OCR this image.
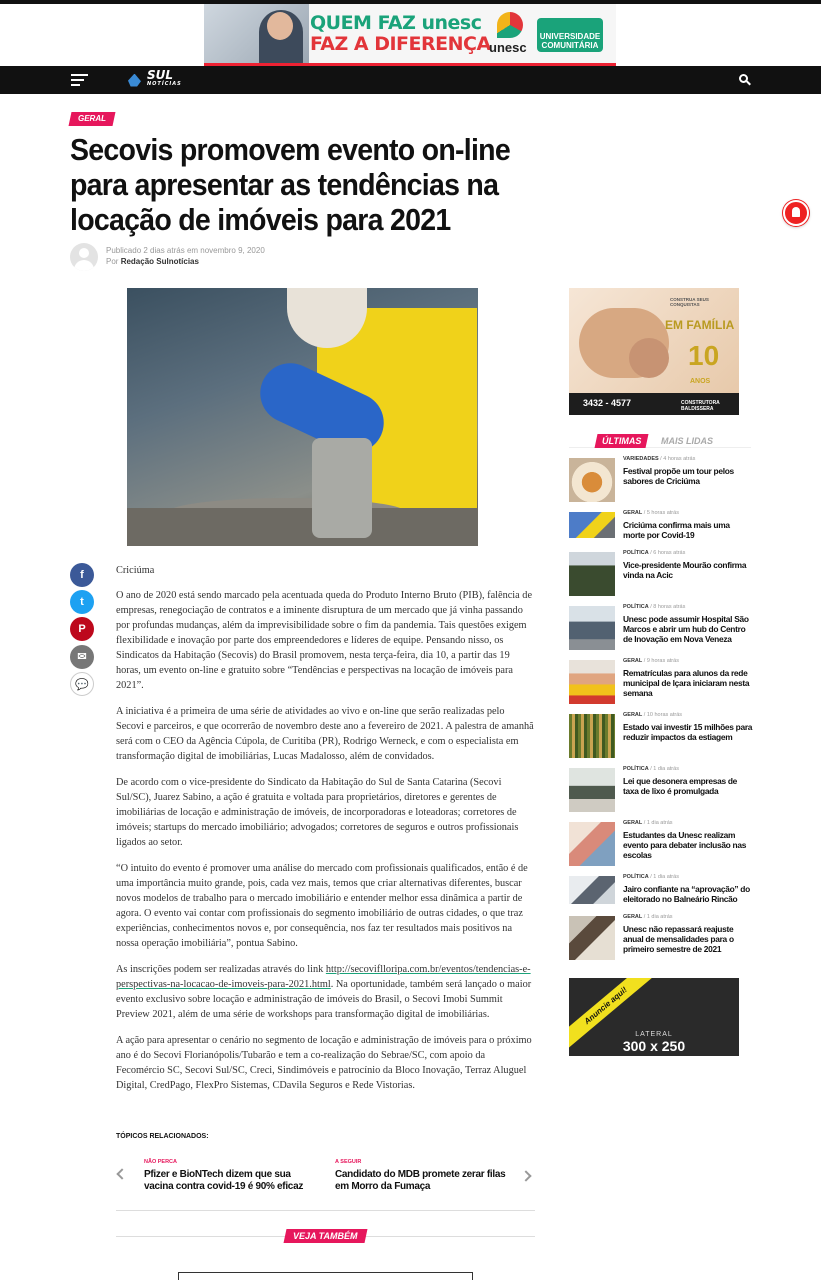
QUEM FAZ unesc
FAZ A DIFERENÇA
unesc
UNIVERSIDADE COMUNITÁRIA
SUL
NOTÍCIAS
GERAL
Secovis promovem evento on-line para apresentar as tendências na locação de imóveis para 2021
Publicado 2 dias atrás em novembro 9, 2020
Por Redação Sulnotícias
f
t
P
✉
💬

Criciúma

O ano de 2020 está sendo marcado pela acentuada queda do Produto Interno Bruto (PIB), falência de empresas, renegociação de contratos e a iminente disruptura de um mercado que já vinha passando por profundas mudanças, além da imprevisibilidade sobre o fim da pandemia. Tais questões exigem flexibilidade e inovação por parte dos empreendedores e líderes de equipe. Pensando nisso, os Sindicatos da Habitação (Secovis) do Brasil promovem, nesta terça-feira, dia 10, a partir das 19 horas, um evento on-line e gratuito sobre “Tendências e perspectivas na locação de imóveis para 2021”.

A iniciativa é a primeira de uma série de atividades ao vivo e on-line que serão realizadas pelo Secovi e parceiros, e que ocorrerão de novembro deste ano a fevereiro de 2021. A palestra de amanhã será com o CEO da Agência Cúpola, de Curitiba (PR), Rodrigo Werneck, e com o especialista em transformação digital de imobiliárias, Lucas Madalosso, além de convidados.

De acordo com o vice-presidente do Sindicato da Habitação do Sul de Santa Catarina (Secovi Sul/SC), Juarez Sabino, a ação é gratuita e voltada para proprietários, diretores e gerentes de imobiliárias de locação e administração de imóveis, de incorporadoras e loteadoras; corretores de imóveis; startups do mercado imobiliário; advogados; corretores de seguros e outros profissionais ligados ao setor.

“O intuito do evento é promover uma análise do mercado com profissionais qualificados, então é de uma importância muito grande, pois, cada vez mais, temos que criar alternativas diferentes, buscar novos modelos de trabalho para o mercado imobiliário e entender melhor essa dinâmica a partir de agora. O evento vai contar com profissionais do segmento imobiliário de outras cidades, o que traz experiências, conhecimentos novos e, por consequência, nos faz ter resultados mais positivos na nossa operação imobiliária”, pontua Sabino.

As inscrições podem ser realizadas através do link http://secoviflloripa.com.br/eventos/tendencias-e-perspectivas-na-locacao-de-imoveis-para-2021.html. Na oportunidade, também será lançado o maior evento exclusivo sobre locação e administração de imóveis do Brasil, o Secovi Imobi Summit Preview 2021, além de uma série de workshops para transformação digital de imobiliárias.

A ação para apresentar o cenário no segmento de locação e administração de imóveis para o próximo ano é do Secovi Florianópolis/Tubarão e tem a co-realização do Sebrae/SC, com apoio da Fecomércio SC, Secovi Sul/SC, Creci, Sindimóveis e patrocínio da Bloco Inovação, Terraz Aluguel Digital, CredPago, FlexPro Sistemas, CDavila Seguros e Rede Vistorias.

TÓPICOS RELACIONADOS:
NÃO PERCA
Pfizer e BioNTech dizem que sua vacina contra covid-19 é 90% eficaz
A SEGUIR
Candidato do MDB promete zerar filas em Morro da Fumaça
VEJA TAMBÉM
CONSTRUA SEUS CONQUISTAS
EM FAMÍLIA
10
ANOS
3432 - 4577	CONSTRUTORA BALDISSERA
ÚLTIMAS	MAIS LIDAS
VARIEDADES / 4 horas atrás
Festival propõe um tour pelos sabores de Criciúma
GERAL / 5 horas atrás
Criciúma confirma mais uma morte por Covid-19
POLÍTICA / 6 horas atrás
Vice-presidente Mourão confirma vinda na Acic
POLÍTICA / 8 horas atrás
Unesc pode assumir Hospital São Marcos e abrir um hub do Centro de Inovação em Nova Veneza
GERAL / 9 horas atrás
Rematrículas para alunos da rede municipal de Içara iniciaram nesta semana
GERAL / 10 horas atrás
Estado vai investir 15 milhões para reduzir impactos da estiagem
POLÍTICA / 1 dia atrás
Lei que desonera empresas de taxa de lixo é promulgada
GERAL / 1 dia atrás
Estudantes da Unesc realizam evento para debater inclusão nas escolas
POLÍTICA / 1 dia atrás
Jairo confiante na “aprovação” do eleitorado no Balneário Rincão
GERAL / 1 dia atrás
Unesc não repassará reajuste anual de mensalidades para o primeiro semestre de 2021
Anuncie aqui!
LATERAL
300 x 250
